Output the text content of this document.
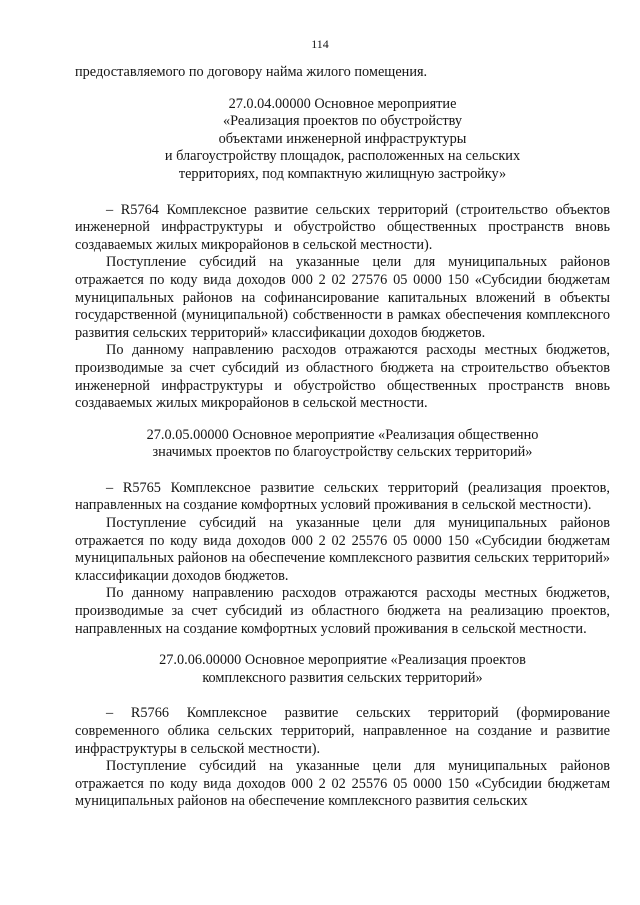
114

предоставляемого по договору найма жилого помещения.

27.0.04.00000 Основное мероприятие
«Реализация проектов по обустройству
объектами инженерной инфраструктуры
и благоустройству площадок, расположенных на сельских
территориях, под компактную жилищную застройку»

– R5764 Комплексное развитие сельских территорий (строительство объектов инженерной инфраструктуры и обустройство общественных пространств вновь создаваемых жилых микрорайонов в сельской местности).

Поступление субсидий на указанные цели для муниципальных районов отражается по коду вида доходов 000 2 02 27576 05 0000 150 «Субсидии бюджетам муниципальных районов на софинансирование капитальных вложений в объекты государственной (муниципальной) собственности в рамках обеспечения комплексного развития сельских территорий» классификации доходов бюджетов.

По данному направлению расходов отражаются расходы местных бюджетов, производимые за счет субсидий из областного бюджета на строительство объектов инженерной инфраструктуры и обустройство общественных пространств вновь создаваемых жилых микрорайонов в сельской местности.

27.0.05.00000 Основное мероприятие «Реализация общественно
значимых проектов по благоустройству сельских территорий»

– R5765 Комплексное развитие сельских территорий (реализация проектов, направленных на создание комфортных условий проживания в сельской местности).

Поступление субсидий на указанные цели для муниципальных районов отражается по коду вида доходов 000 2 02 25576 05 0000 150 «Субсидии бюджетам муниципальных районов на обеспечение комплексного развития сельских территорий» классификации доходов бюджетов.

По данному направлению расходов отражаются расходы местных бюджетов, производимые за счет субсидий из областного бюджета на реализацию проектов, направленных на создание комфортных условий проживания в сельской местности.

27.0.06.00000 Основное мероприятие «Реализация проектов
комплексного развития сельских территорий»

– R5766 Комплексное развитие сельских территорий (формирование современного облика сельских территорий, направленное на создание и развитие инфраструктуры в сельской местности).

Поступление субсидий на указанные цели для муниципальных районов отражается по коду вида доходов 000 2 02 25576 05 0000 150 «Субсидии бюджетам муниципальных районов на обеспечение комплексного развития сельских
